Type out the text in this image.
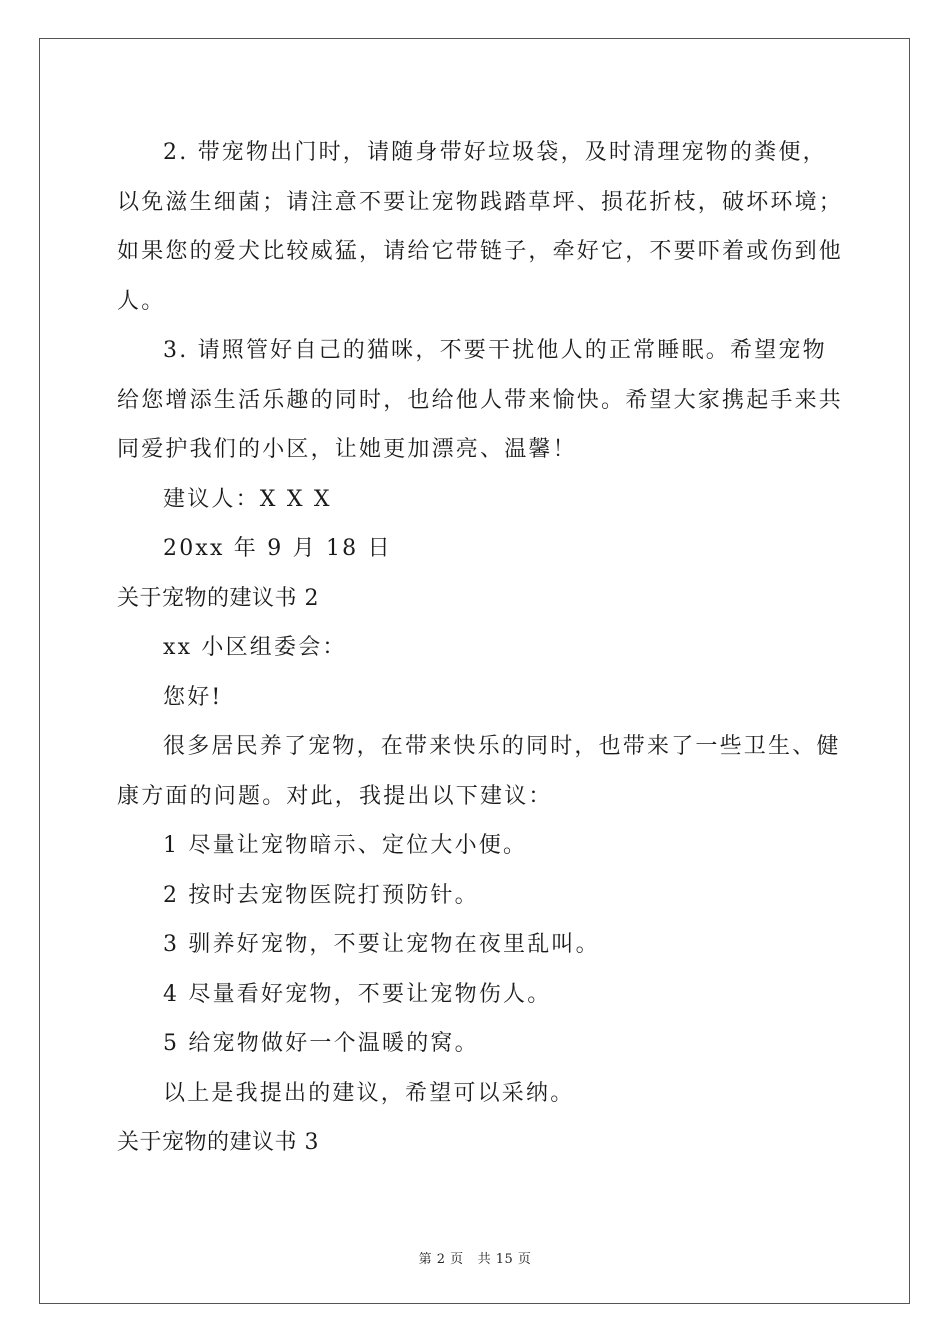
2. 带宠物出门时，请随身带好垃圾袋，及时清理宠物的粪便，
以免滋生细菌；请注意不要让宠物践踏草坪、损花折枝，破坏环境；
如果您的爱犬比较威猛，请给它带链子，牵好它，不要吓着或伤到他
人。
3. 请照管好自己的猫咪，不要干扰他人的正常睡眠。希望宠物
给您增添生活乐趣的同时，也给他人带来愉快。希望大家携起手来共
同爱护我们的小区，让她更加漂亮、温馨！
建议人：X X X
20xx 年 9 月 18 日
关于宠物的建议书 2
xx 小区组委会：
您好!
很多居民养了宠物，在带来快乐的同时，也带来了一些卫生、健
康方面的问题。对此，我提出以下建议：
1 尽量让宠物暗示、定位大小便。
2 按时去宠物医院打预防针。
3 驯养好宠物，不要让宠物在夜里乱叫。
4 尽量看好宠物，不要让宠物伤人。
5 给宠物做好一个温暖的窝。
以上是我提出的建议，希望可以采纳。
关于宠物的建议书 3
第 2 页 共 15 页
